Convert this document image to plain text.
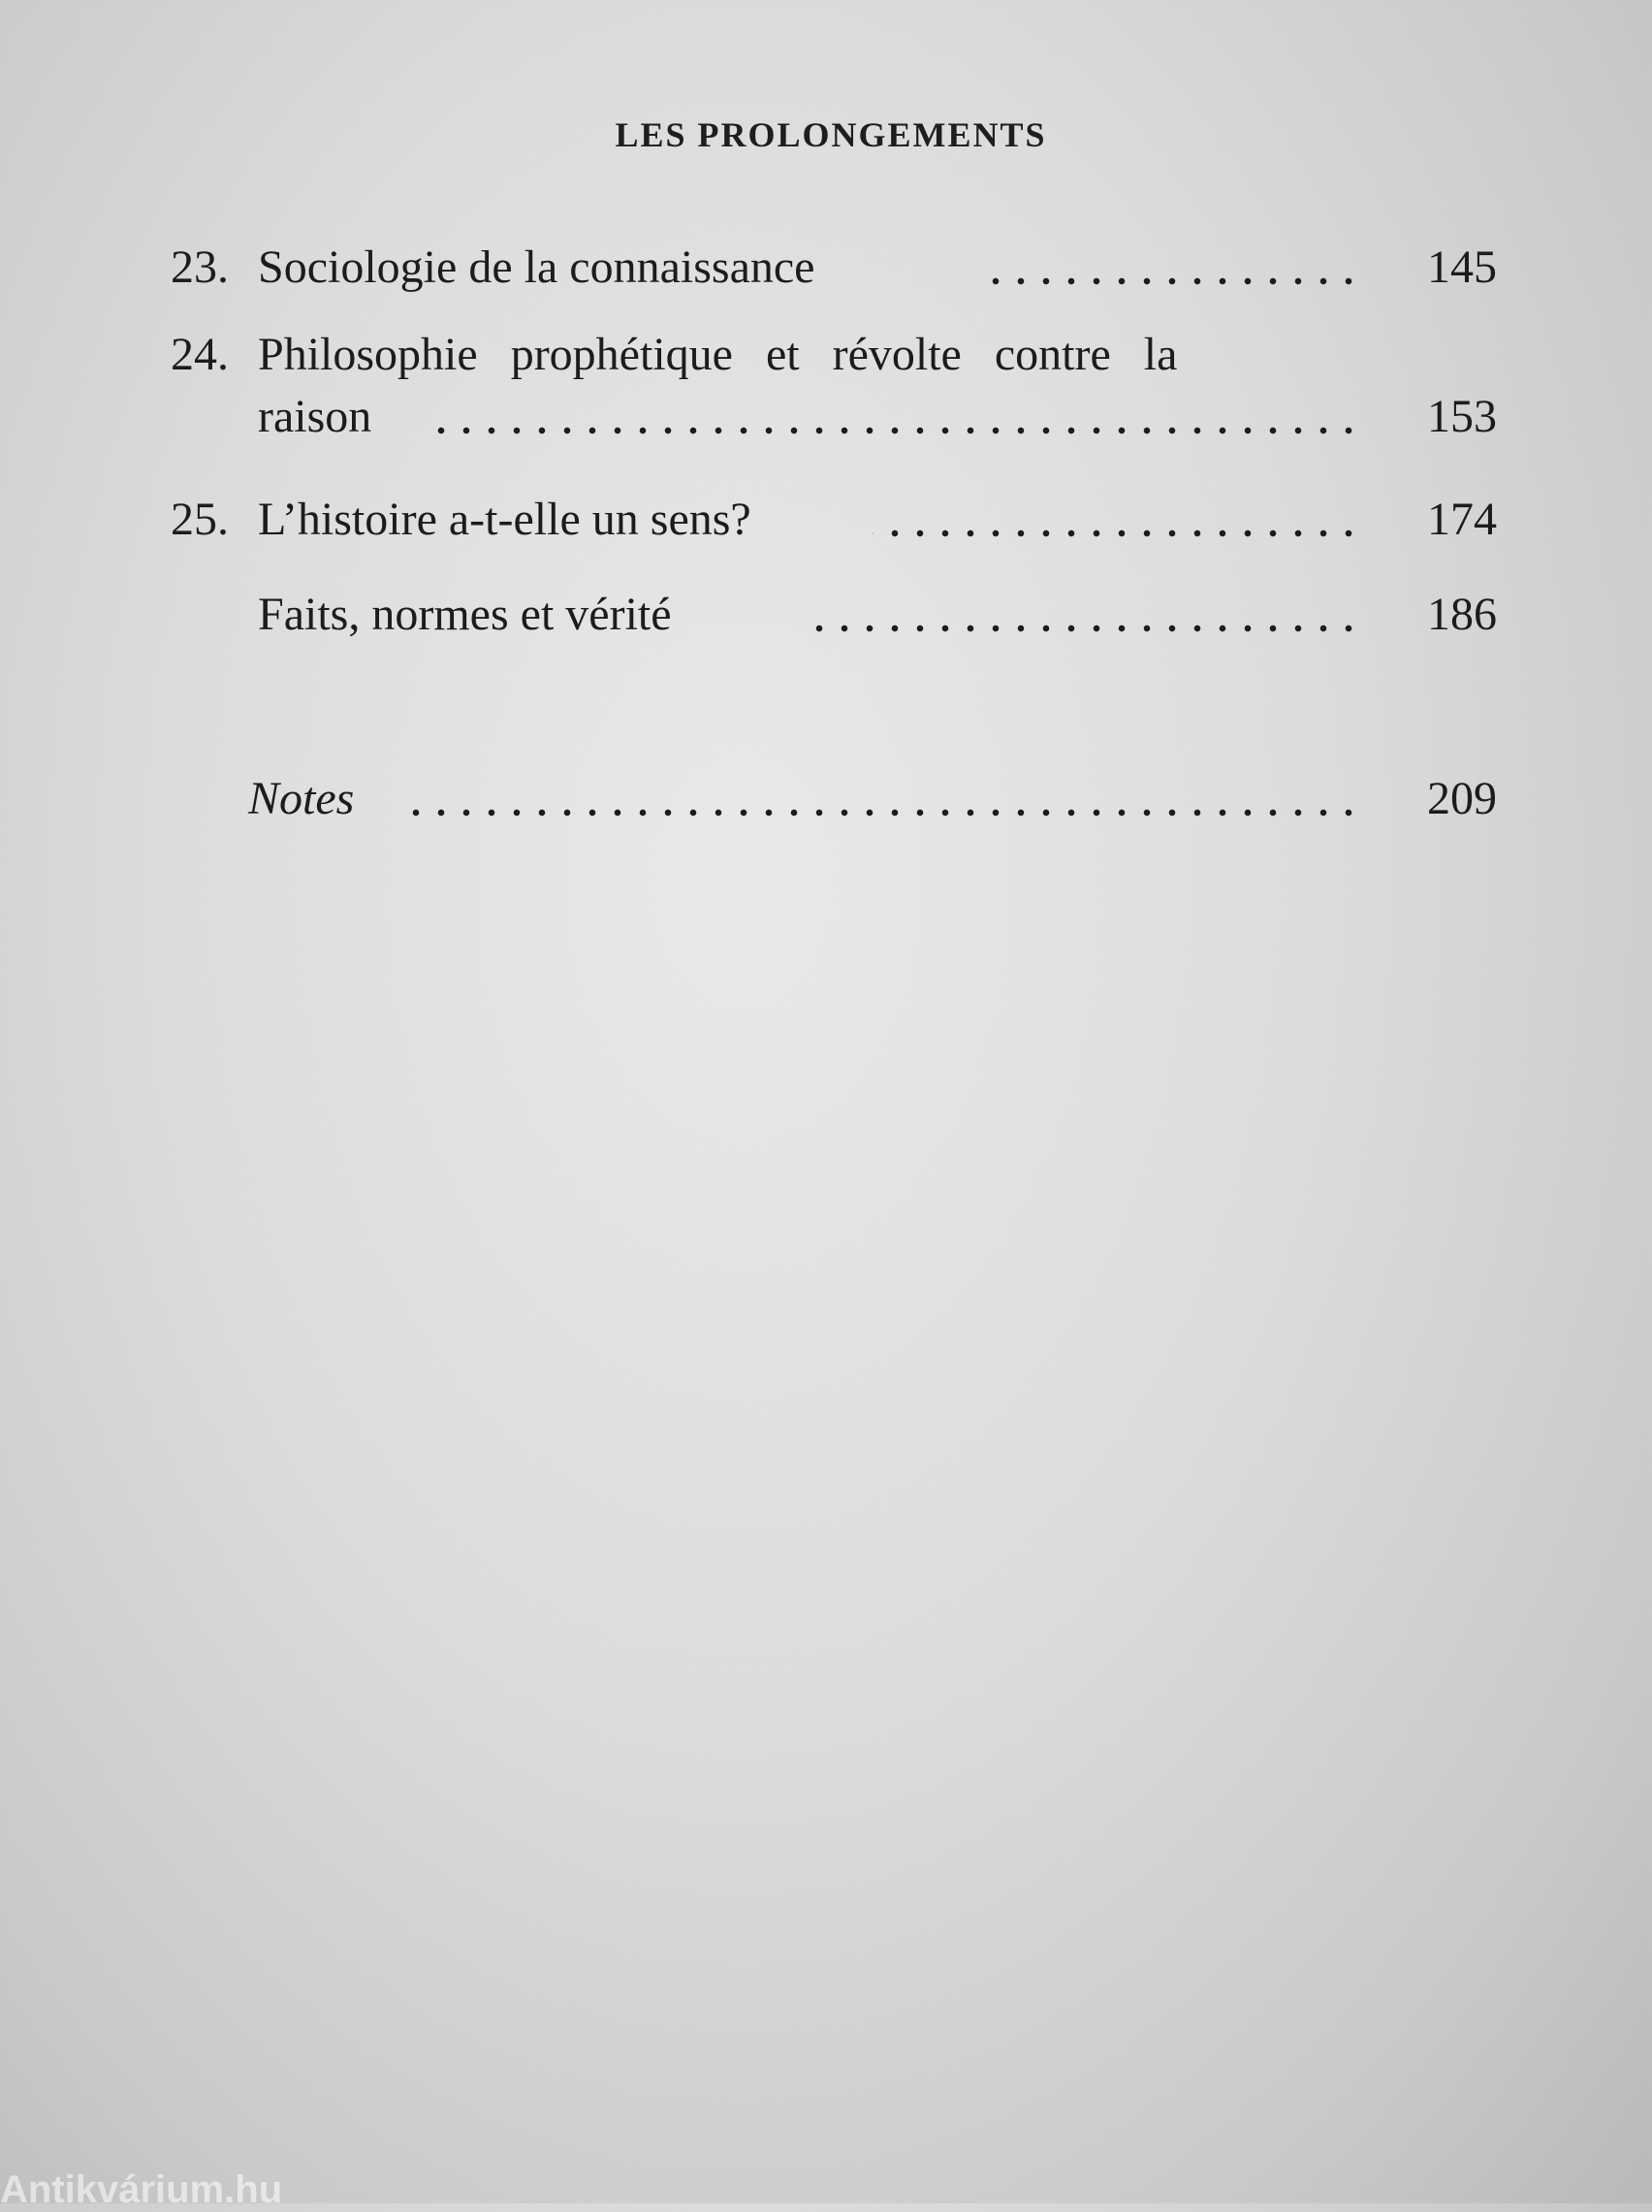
LES PROLONGEMENTS
23. Sociologie de la connaissance	145
24. Philosophie prophétique et révolte contre la
raison	153
25. L’histoire a-t-elle un sens?	174
Faits, normes et vérité	186
Notes	209
Antikvárium.hu
